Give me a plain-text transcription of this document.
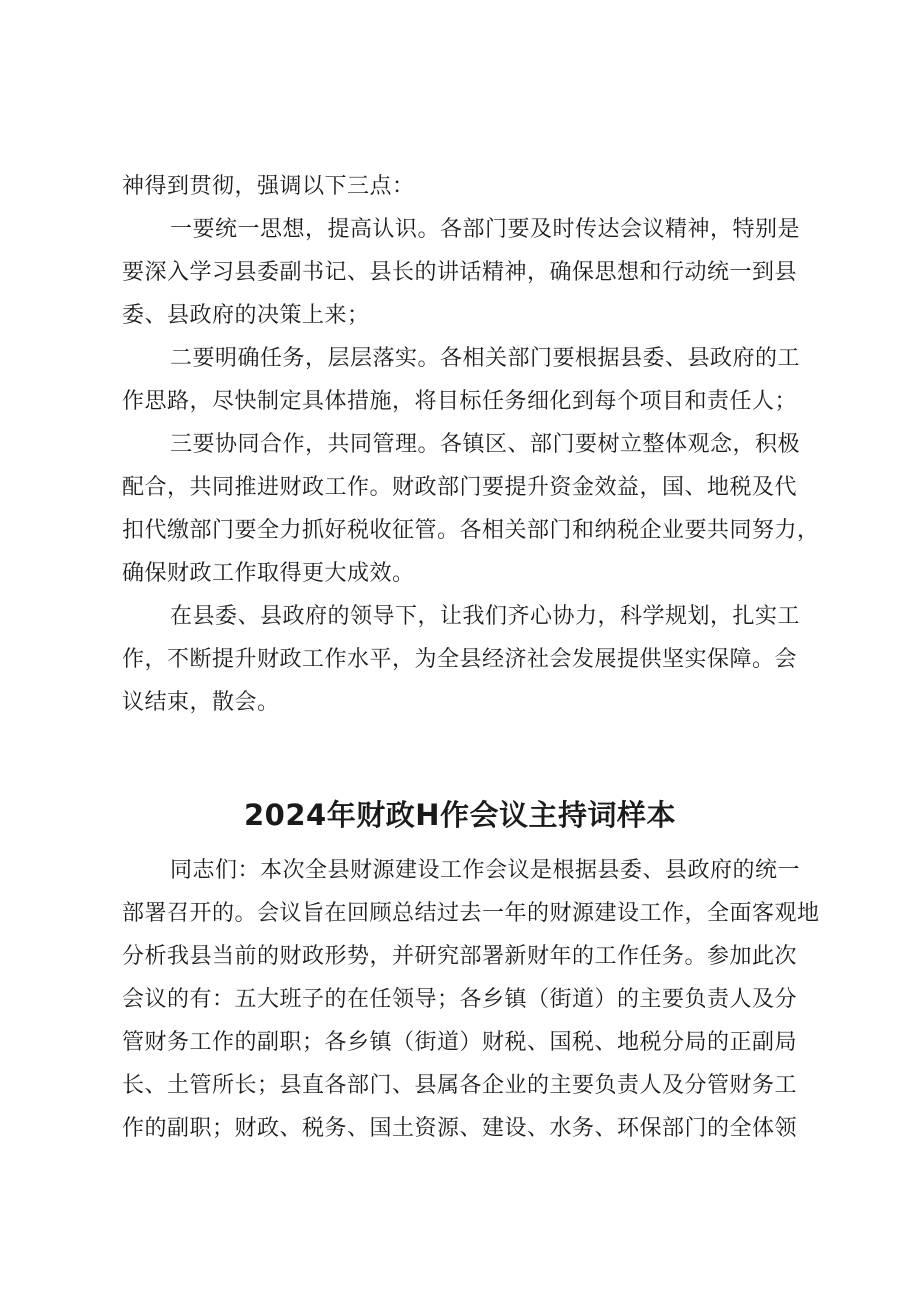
神得到贯彻，强调以下三点：
一要统一思想，提高认识。各部门要及时传达会议精神，特别是
要深入学习县委副书记、县长的讲话精神，确保思想和行动统一到县
委、县政府的决策上来；
二要明确任务，层层落实。各相关部门要根据县委、县政府的工
作思路，尽快制定具体措施，将目标任务细化到每个项目和责任人；
三要协同合作，共同管理。各镇区、部门要树立整体观念，积极
配合，共同推进财政工作。财政部门要提升资金效益，国、地税及代
扣代缴部门要全力抓好税收征管。各相关部门和纳税企业要共同努力，
确保财政工作取得更大成效。
在县委、县政府的领导下，让我们齐心协力，科学规划，扎实工
作，不断提升财政工作水平，为全县经济社会发展提供坚实保障。会
议结束，散会。
2024年财政H作会议主持词样本
同志们：本次全县财源建设工作会议是根据县委、县政府的统一
部署召开的。会议旨在回顾总结过去一年的财源建设工作，全面客观地
分析我县当前的财政形势，并研究部署新财年的工作任务。参加此次
会议的有：五大班子的在任领导；各乡镇（街道）的主要负责人及分
管财务工作的副职；各乡镇（街道）财税、国税、地税分局的正副局
长、土管所长；县直各部门、县属各企业的主要负责人及分管财务工
作的副职；财政、税务、国土资源、建设、水务、环保部门的全体领
